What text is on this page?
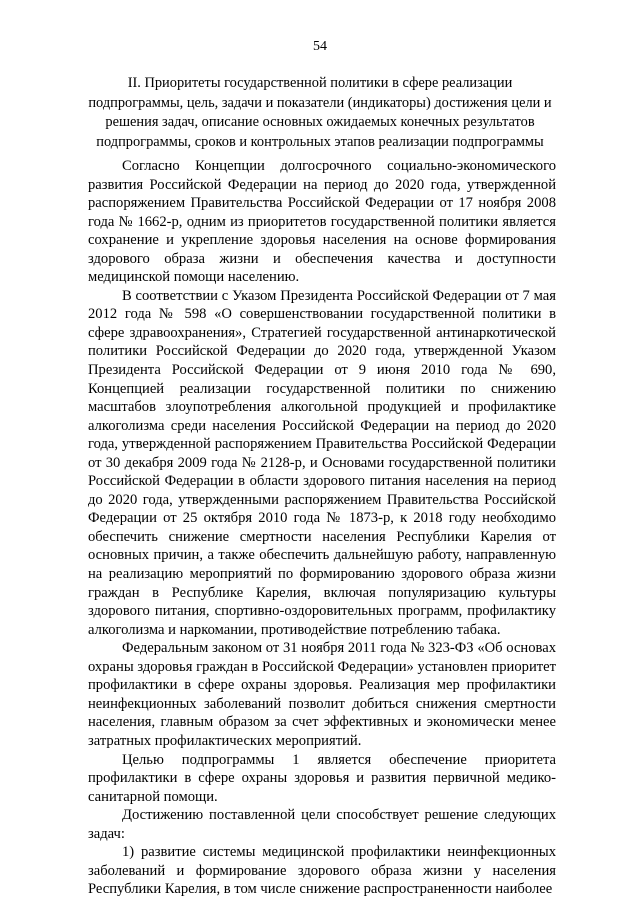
54
II. Приоритеты государственной политики в сфере реализации подпрограммы, цель, задачи и показатели (индикаторы) достижения цели и решения задач, описание основных ожидаемых конечных результатов подпрограммы, сроков и контрольных этапов реализации подпрограммы

Согласно Концепции долгосрочного социально-экономического развития Российской Федерации на период до 2020 года, утвержденной распоряжением Правительства Российской Федерации от 17 ноября 2008 года № 1662-р, одним из приоритетов государственной политики является сохранение и укрепление здоровья населения на основе формирования здорового образа жизни и обеспечения качества и доступности медицинской помощи населению.

В соответствии с Указом Президента Российской Федерации от 7 мая 2012 года № 598 «О совершенствовании государственной политики в сфере здравоохранения», Стратегией государственной антинаркотической политики Российской Федерации до 2020 года, утвержденной Указом Президента Российской Федерации от 9 июня 2010 года № 690, Концепцией реализации государственной политики по снижению масштабов злоупотребления алкогольной продукцией и профилактике алкоголизма среди населения Российской Федерации на период до 2020 года, утвержденной распоряжением Правительства Российской Федерации от 30 декабря 2009 года № 2128-р, и Основами государственной политики Российской Федерации в области здорового питания населения на период до 2020 года, утвержденными распоряжением Правительства Российской Федерации от 25 октября 2010 года № 1873-р, к 2018 году необходимо обеспечить снижение смертности населения Республики Карелия от основных причин, а также обеспечить дальнейшую работу, направленную на реализацию мероприятий по формированию здорового образа жизни граждан в Республике Карелия, включая популяризацию культуры здорового питания, спортивно-оздоровительных программ, профилактику алкоголизма и наркомании, противодействие потреблению табака.

Федеральным законом от 31 ноября 2011 года № 323-ФЗ «Об основах охраны здоровья граждан в Российской Федерации» установлен приоритет профилактики в сфере охраны здоровья. Реализация мер профилактики неинфекционных заболеваний позволит добиться снижения смертности населения, главным образом за счет эффективных и экономически менее затратных профилактических мероприятий.

Целью подпрограммы 1 является обеспечение приоритета профилактики в сфере охраны здоровья и развития первичной медико-санитарной помощи.

Достижению поставленной цели способствует решение следующих задач:

1) развитие системы медицинской профилактики неинфекционных заболеваний и формирование здорового образа жизни у населения Республики Карелия, в том числе снижение распространенности наиболее
